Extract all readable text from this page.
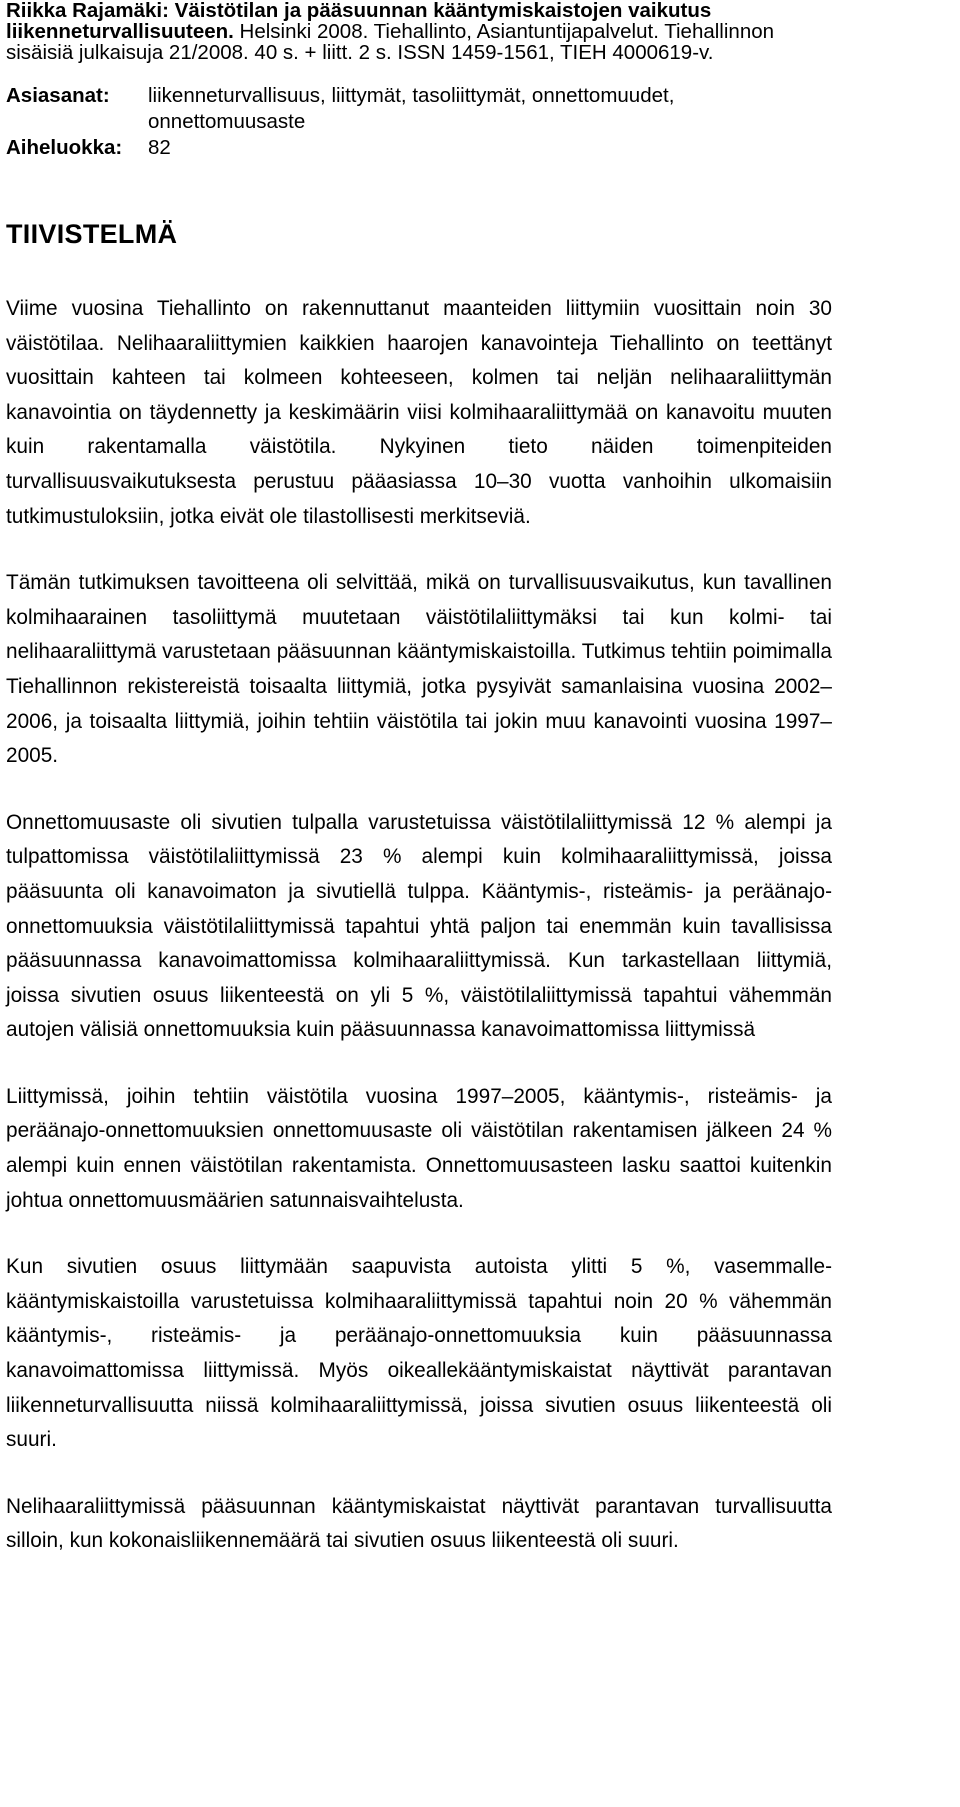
Riikka Rajamäki: Väistötilan ja pääsuunnan kääntymiskaistojen vaikutus liikenneturvallisuuteen. Helsinki 2008. Tiehallinto, Asiantuntijapalvelut. Tiehallinnon sisäisiä julkaisuja 21/2008. 40 s. + liitt. 2 s. ISSN 1459-1561, TIEH 4000619-v.

Asiasanat:	liikenneturvallisuus, liittymät, tasoliittymät, onnettomuudet, onnettomuusaste
Aiheluokka:	82
TIIVISTELMÄ

Viime vuosina Tiehallinto on rakennuttanut maanteiden liittymiin vuosittain noin 30 väistötilaa. Nelihaaraliittymien kaikkien haarojen kanavointeja Tiehallinto on teettänyt vuosittain kahteen tai kolmeen kohteeseen, kolmen tai neljän nelihaaraliittymän kanavointia on täydennetty ja keskimäärin viisi kolmihaaraliittymää on kanavoitu muuten kuin rakentamalla väistötila. Nykyinen tieto näiden toimenpiteiden turvallisuusvaikutuksesta perustuu pääasiassa 10–30 vuotta vanhoihin ulkomaisiin tutkimustuloksiin, jotka eivät ole tilastollisesti merkitseviä.

Tämän tutkimuksen tavoitteena oli selvittää, mikä on turvallisuusvaikutus, kun tavallinen kolmihaarainen tasoliittymä muutetaan väistötilaliittymäksi tai kun kolmi- tai nelihaaraliittymä varustetaan pääsuunnan kääntymiskaistoilla. Tutkimus tehtiin poimimalla Tiehallinnon rekistereistä toisaalta liittymiä, jotka pysyivät samanlaisina vuosina 2002–2006, ja toisaalta liittymiä, joihin tehtiin väistötila tai jokin muu kanavointi vuosina 1997–2005.

Onnettomuusaste oli sivutien tulpalla varustetuissa väistötilaliittymissä 12 % alempi ja tulpattomissa väistötilaliittymissä 23 % alempi kuin kolmihaaraliittymissä, joissa pääsuunta oli kanavoimaton ja sivutiellä tulppa. Kääntymis-, risteämis- ja peräänajo-onnettomuuksia väistötilaliittymissä tapahtui yhtä paljon tai enemmän kuin tavallisissa pääsuunnassa kanavoimattomissa kolmihaaraliittymissä. Kun tarkastellaan liittymiä, joissa sivutien osuus liikenteestä on yli 5 %, väistötilaliittymissä tapahtui vähemmän autojen välisiä onnettomuuksia kuin pääsuunnassa kanavoimattomissa liittymissä

Liittymissä, joihin tehtiin väistötila vuosina 1997–2005, kääntymis-, risteämis- ja peräänajo-onnettomuuksien onnettomuusaste oli väistötilan rakentamisen jälkeen 24 % alempi kuin ennen väistötilan rakentamista. Onnettomuusasteen lasku saattoi kuitenkin johtua onnettomuusmäärien satunnaisvaihtelusta.

Kun sivutien osuus liittymään saapuvista autoista ylitti 5 %, vasemmallekääntymiskaistoilla varustetuissa kolmihaaraliittymissä tapahtui noin 20 % vähemmän kääntymis-, risteämis- ja peräänajo-onnettomuuksia kuin pääsuunnassa kanavoimattomissa liittymissä. Myös oikeallekääntymiskaistat näyttivät parantavan liikenneturvallisuutta niissä kolmihaaraliittymissä, joissa sivutien osuus liikenteestä oli suuri.

Nelihaaraliittymissä pääsuunnan kääntymiskaistat näyttivät parantavan turvallisuutta silloin, kun kokonaisliikennemäärä tai sivutien osuus liikenteestä oli suuri.
